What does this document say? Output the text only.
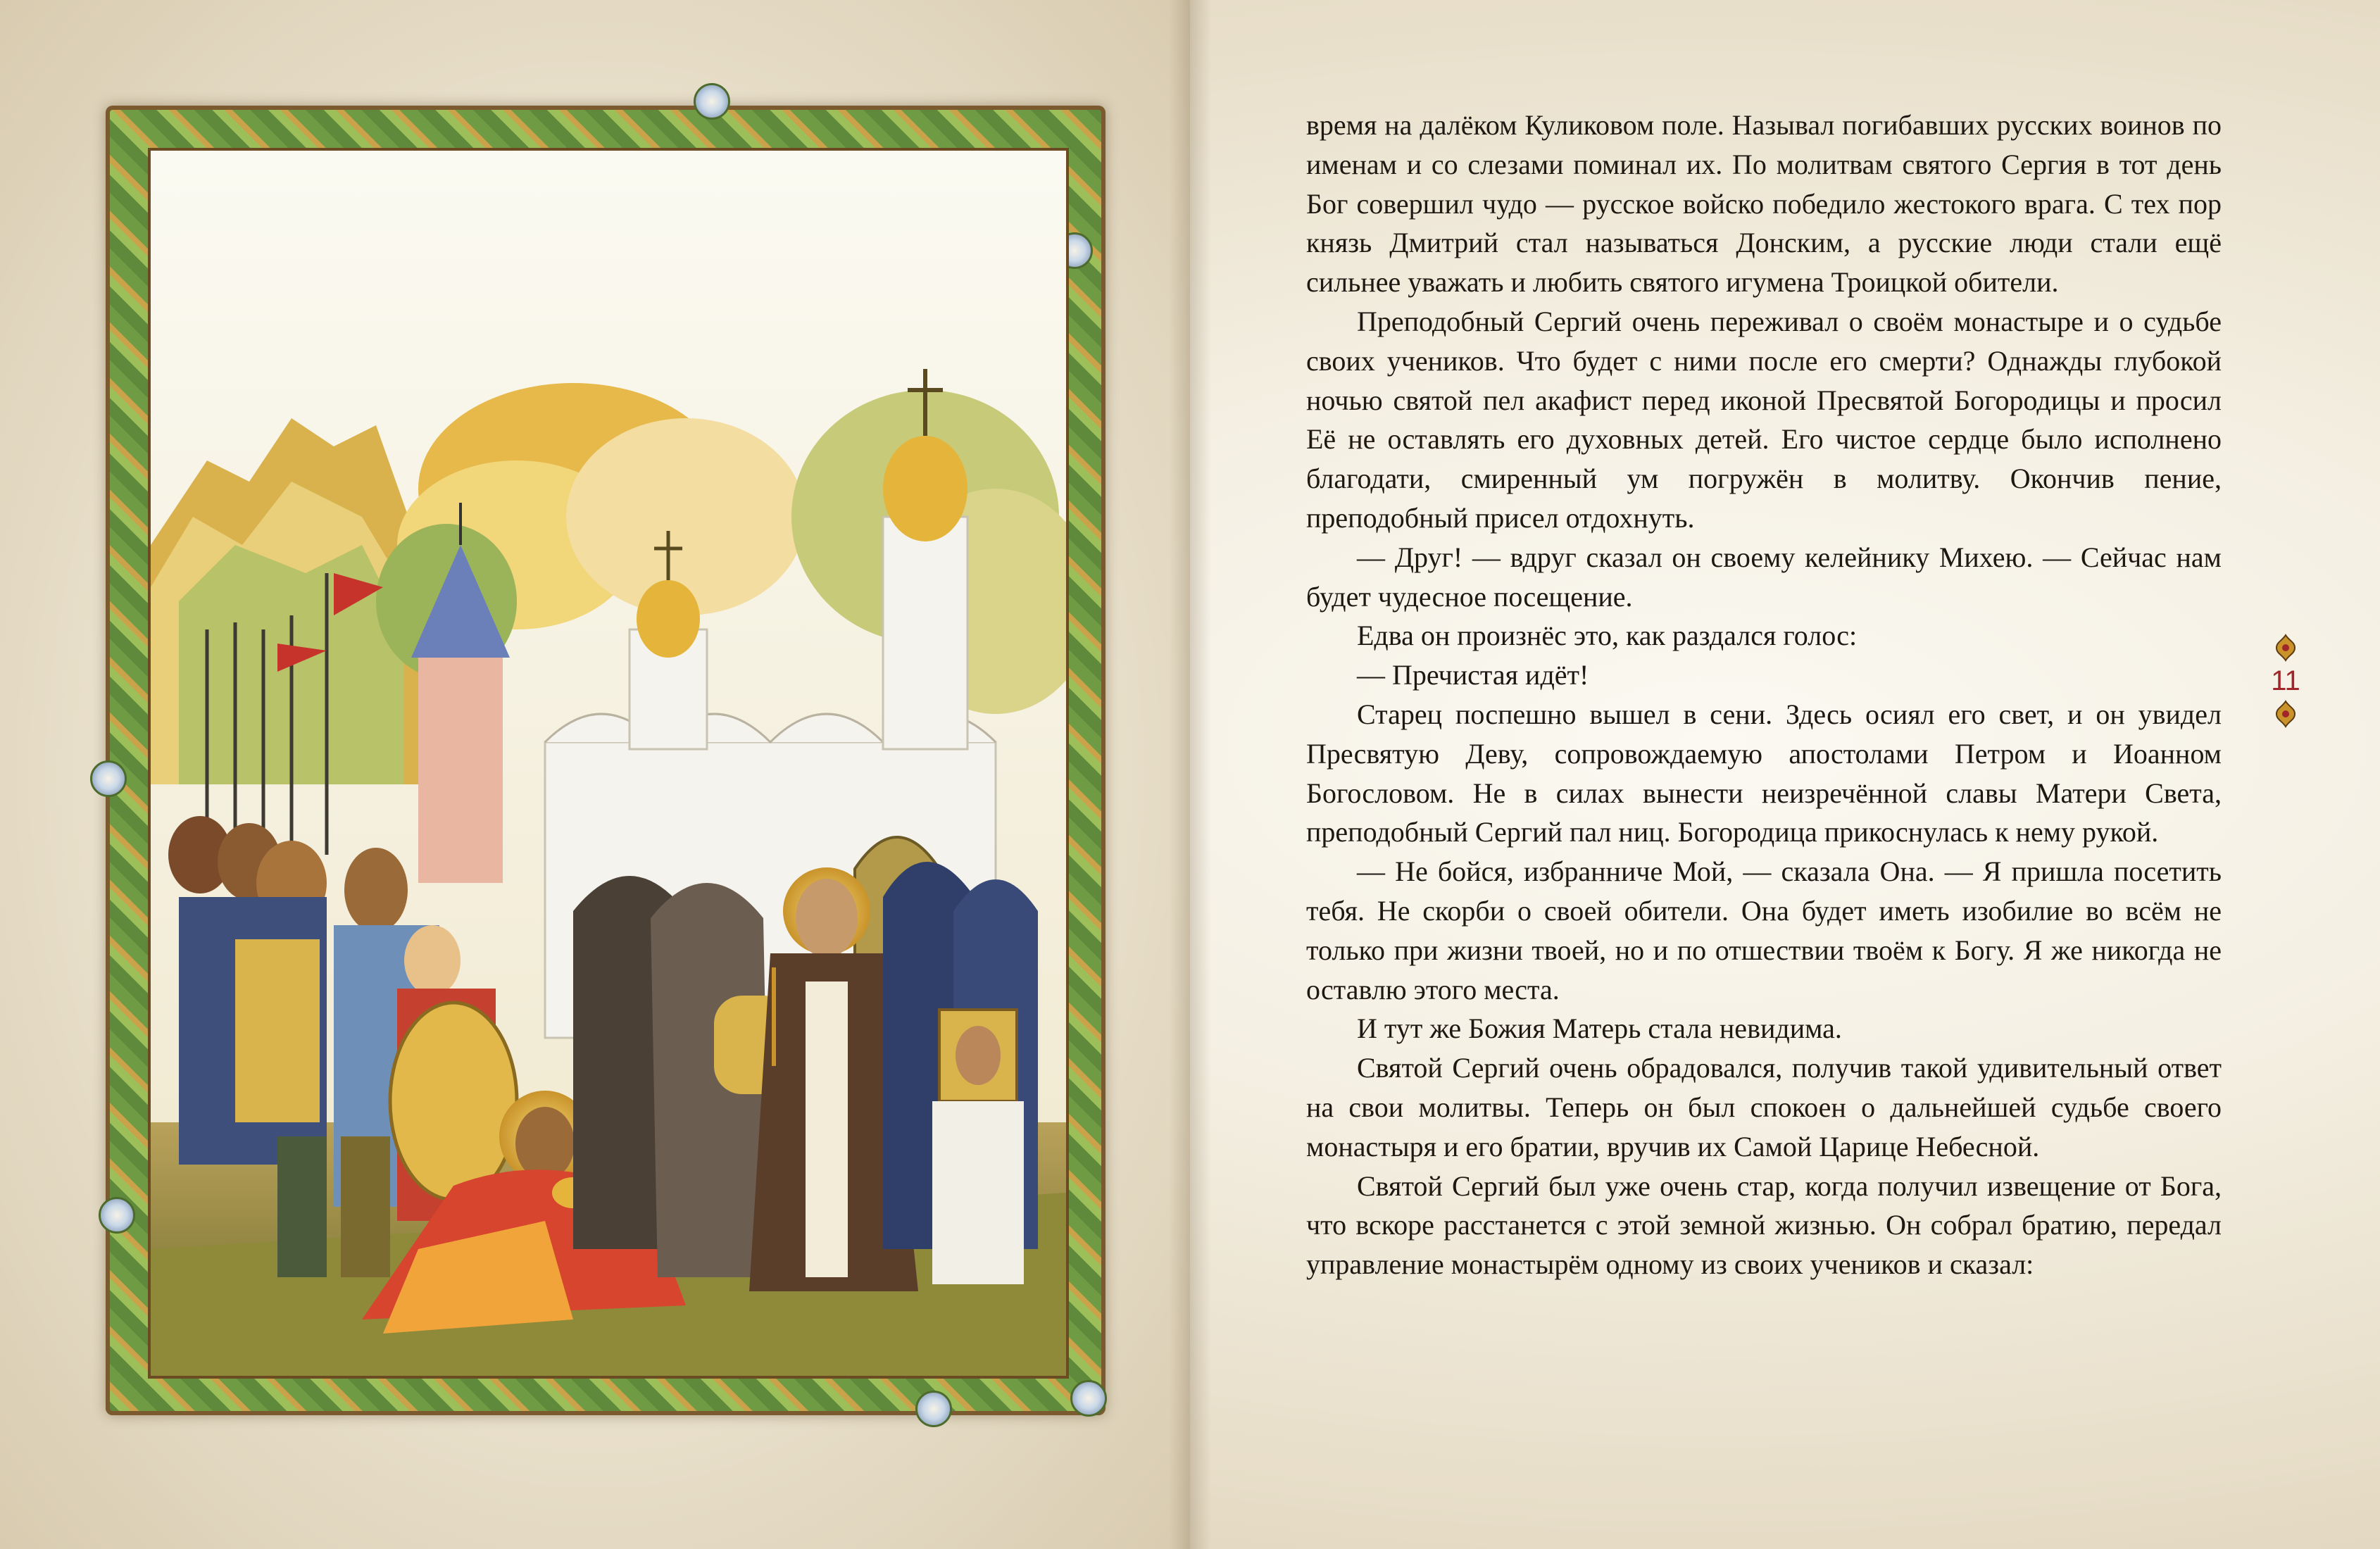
время на далёком Куликовом поле. Называл погибавших русских воинов по именам и со слезами поминал их. По молитвам святого Сергия в тот день Бог совершил чудо — русское войско победило жестокого врага. С тех пор князь Дмитрий стал называться Донским, а русские люди стали ещё сильнее уважать и любить святого игумена Троицкой обители.

Преподобный Сергий очень переживал о своём монастыре и о судьбе своих учеников. Что будет с ними после его смерти? Однажды глубокой ночью святой пел акафист перед иконой Пресвятой Богородицы и просил Её не оставлять его духовных детей. Его чистое сердце было исполнено благодати, смиренный ум погружён в молитву. Окончив пение, преподобный присел отдохнуть.

— Друг! — вдруг сказал он своему келейнику Михею. — Сейчас нам будет чудесное посещение.

Едва он произнёс это, как раздался голос:

— Пречистая идёт!

Старец поспешно вышел в сени. Здесь осиял его свет, и он увидел Пресвятую Деву, сопровождаемую апостолами Петром и Иоанном Богословом. Не в силах вынести неизречённой славы Матери Света, преподобный Сергий пал ниц. Богородица прикоснулась к нему рукой.

— Не бойся, избранниче Мой, — сказала Она. — Я пришла посетить тебя. Не скорби о своей обители. Она будет иметь изобилие во всём не только при жизни твоей, но и по отшествии твоём к Богу. Я же никогда не оставлю этого места.

И тут же Божия Матерь стала невидима.

Святой Сергий очень обрадовался, получив такой удивительный ответ на свои молитвы. Теперь он был спокоен о дальнейшей судьбе своего монастыря и его братии, вручив их Самой Царице Небесной.

Святой Сергий был уже очень стар, когда получил извещение от Бога, что вскоре расстанется с этой земной жизнью. Он собрал братию, передал управление монастырём одному из своих учеников и сказал:

11
